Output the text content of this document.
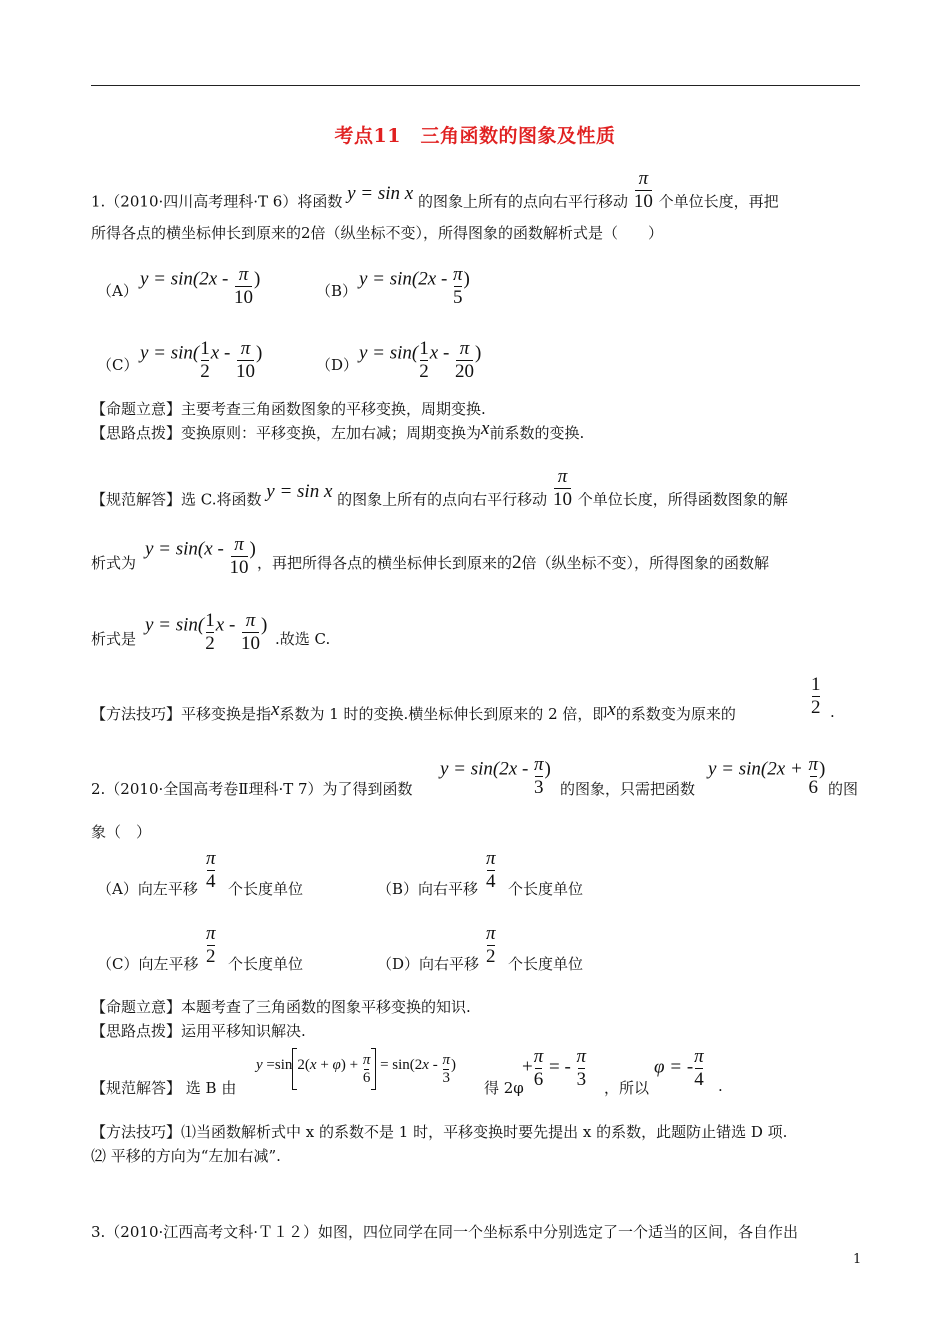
考点11　三角函数的图象及性质
1.（2010·四川高考理科·T 6）将函数 y = sin x 的图象上所有的点向右平行移动 $\frac{\pi}{10}$ 个单位长度，再把
所得各点的横坐标伸长到原来的2倍（纵坐标不变），所得图象的函数解析式是（　　）
（A）
$y = \sin(2x - \frac{\pi}{10}$ )
（B）
$y = \sin(2x - \frac{\pi}{5}$ )
（C）
$y = \sin( \frac{1}{2}$ x - $\frac{\pi}{10}$ )
（D）
$y = \sin( \frac{1}{2}$ x - $\frac{\pi}{20}$ )
【命题立意】主要考查三角函数图象的平移变换，周期变换.
【思路点拨】变换原则：平移变换，左加右减；周期变换为x前系数的变换.
【规范解答】选 C.将函数 y = sin x 的图象上所有的点向右平行移动 $\frac{\pi}{10}$ 个单位长度，所得函数图象的解
析式为
$y = \sin(x - \frac{\pi}{10}$ )
，再把所得各点的横坐标伸长到原来的2倍（纵坐标不变），所得图象的函数解
析式是
$y = \sin( \frac{1}{2}$ x - $\frac{\pi}{10}$ )
.故选 C.
【方法技巧】平移变换是指x系数为 1 时的变换.横坐标伸长到原来的 2 倍，即x的系数变为原来的
1
2 .
2.（2010·全国高考卷Ⅱ理科·T 7）为了得到函数
$y = \sin(2x - \frac{\pi}{3}$ )
的图象，只需把函数
$y = \sin(2x + \frac{\pi}{6}$ )
的图
象（　）
（A）向左平移
π
4 个长度单位	（B）向右平移
π
4 个长度单位
（C）向左平移
π
2 个长度单位	（D）向右平移
π
2 个长度单位
【命题立意】本题考查了三角函数的图象平移变换的知识.
【思路点拨】运用平移知识解决.
【规范解答】 选 B 由
y =sin $2(x + \varphi) + \frac{\pi}{6} = \sin(2x - \frac{\pi}{3}$ )
得 2φ
+ $\frac{\pi}{6}$ = - $\frac{\pi}{3}$ ，所以
φ = - $\frac{\pi}{4}$ .
【方法技巧】⑴当函数解析式中 x 的系数不是 1 时，平移变换时要先提出 x 的系数，此题防止错选 D 项.
⑵ 平移的方向为“左加右减”.
3.（2010·江西高考文科·Ｔ１２）如图，四位同学在同一个坐标系中分别选定了一个适当的区间，各自作出
1
